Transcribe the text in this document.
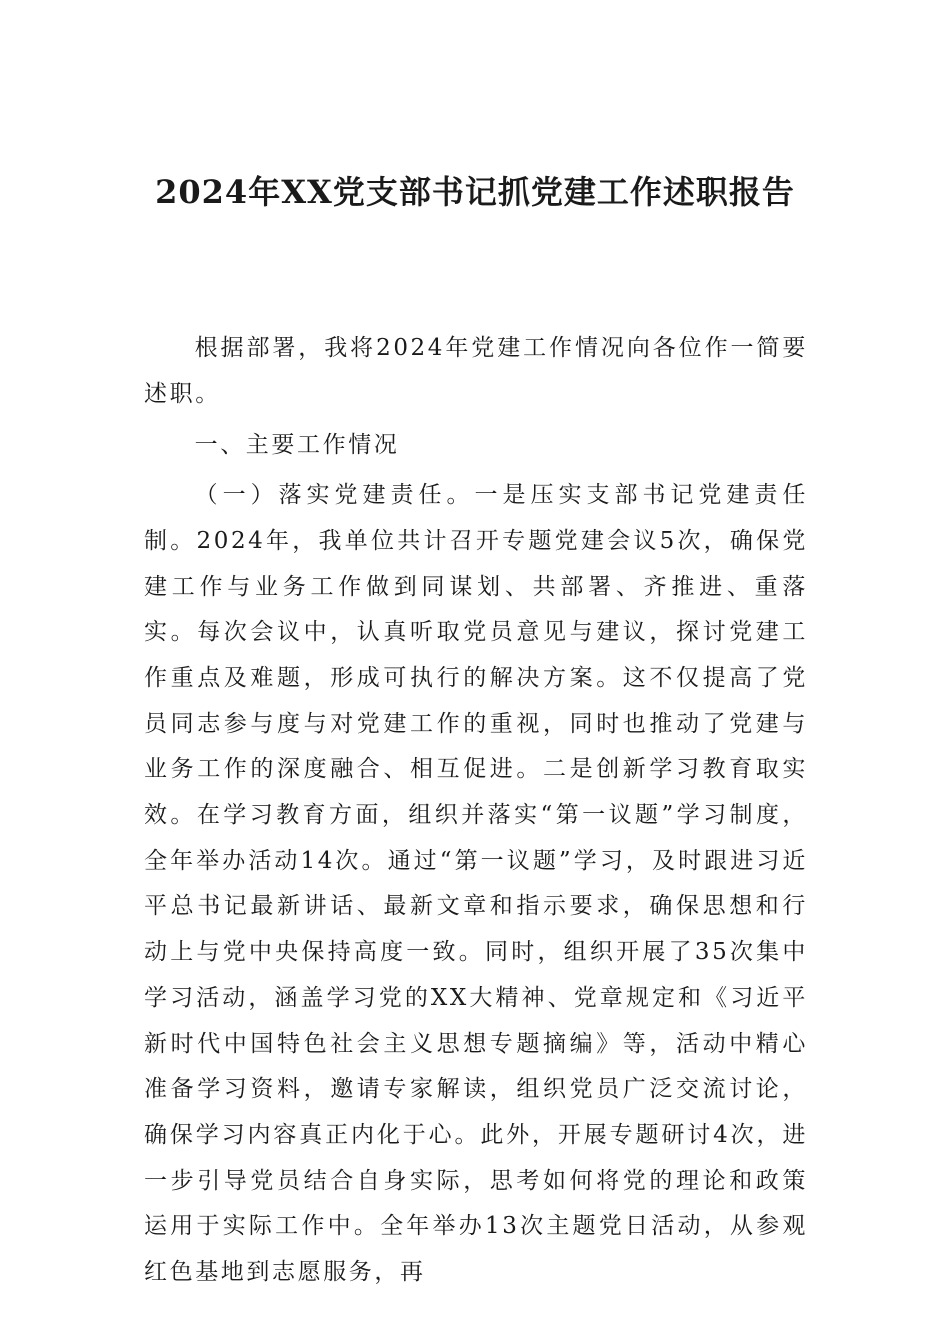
2024年XX党支部书记抓党建工作述职报告

根据部署，我将2024年党建工作情况向各位作一简要述职。

一、主要工作情况

（一）落实党建责任。一是压实支部书记党建责任制。2024年，我单位共计召开专题党建会议5次，确保党建工作与业务工作做到同谋划、共部署、齐推进、重落实。每次会议中，认真听取党员意见与建议，探讨党建工作重点及难题，形成可执行的解决方案。这不仅提高了党员同志参与度与对党建工作的重视，同时也推动了党建与业务工作的深度融合、相互促进。二是创新学习教育取实效。在学习教育方面，组织并落实“第一议题”学习制度，全年举办活动14次。通过“第一议题”学习，及时跟进习近平总书记最新讲话、最新文章和指示要求，确保思想和行动上与党中央保持高度一致。同时，组织开展了35次集中学习活动，涵盖学习党的XX大精神、党章规定和《习近平新时代中国特色社会主义思想专题摘编》等，活动中精心准备学习资料，邀请专家解读，组织党员广泛交流讨论，确保学习内容真正内化于心。此外，开展专题研讨4次，进一步引导党员结合自身实际，思考如何将党的理论和政策运用于实际工作中。全年举办13次主题党日活动，从参观红色基地到志愿服务，再
